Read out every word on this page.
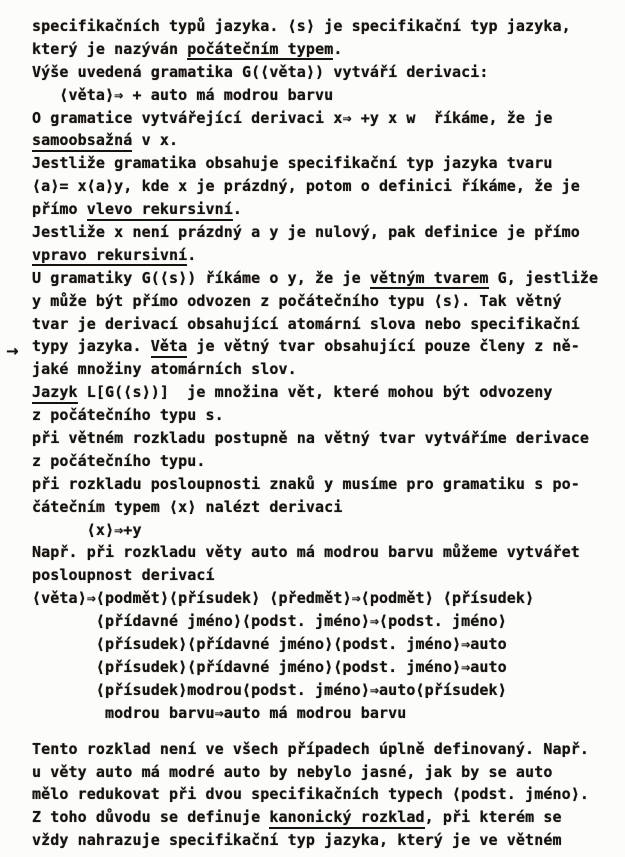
→
specifikačních typů jazyka. ⟨s⟩ je specifikační typ jazyka,
který je nazýván počátečním typem.
Výše uvedená gramatika G(⟨věta⟩) vytváří derivaci:
⟨věta⟩⇒ + auto má modrou barvu
O gramatice vytvářející derivaci x⇒ +y x w  říkáme, že je
samoobsažná v x.
Jestliže gramatika obsahuje specifikační typ jazyka tvaru
⟨a⟩= x⟨a⟩y, kde x je prázdný, potom o definici říkáme, že je
přímo vlevo rekursivní.
Jestliže x není prázdný a y je nulový, pak definice je přímo
vpravo rekursivní.
U gramatiky G(⟨s⟩) říkáme o y, že je větným tvarem G, jestliže
y může být přímo odvozen z počátečního typu ⟨s⟩. Tak větný
tvar je derivací obsahující atomární slova nebo specifikační
typy jazyka. Věta je větný tvar obsahující pouze členy z ně-
jaké množiny atomárních slov.
Jazyk L[G(⟨s⟩)]  je množina vět, které mohou být odvozeny
z počátečního typu s.
při větném rozkladu postupně na větný tvar vytváříme derivace
z počátečního typu.
při rozkladu posloupnosti znaků y musíme pro gramatiku s po-
čátečním typem ⟨x⟩ nalézt derivaci
⟨x⟩⇒+y
Např. při rozkladu věty auto má modrou barvu můžeme vytvářet
posloupnost derivací
⟨věta⟩⇒⟨podmět⟩⟨přísudek⟩ ⟨předmět⟩⇒⟨podmět⟩ ⟨přísudek⟩
⟨přídavné jméno⟩⟨podst. jméno⟩⇒⟨podst. jméno⟩
⟨přísudek⟩⟨přídavné jméno⟩⟨podst. jméno⟩⇒auto
⟨přísudek⟩⟨přídavné jméno⟩⟨podst. jméno⟩⇒auto
⟨přísudek⟩modrou⟨podst. jméno⟩⇒auto⟨přísudek⟩
modrou barvu⇒auto má modrou barvu
Tento rozklad není ve všech případech úplně definovaný. Např.
u věty auto má modré auto by nebylo jasné, jak by se auto
mělo redukovat při dvou specifikačních typech ⟨podst. jméno⟩.
Z toho důvodu se definuje kanonický rozklad, při kterém se
vždy nahrazuje specifikační typ jazyka, který je ve větném
